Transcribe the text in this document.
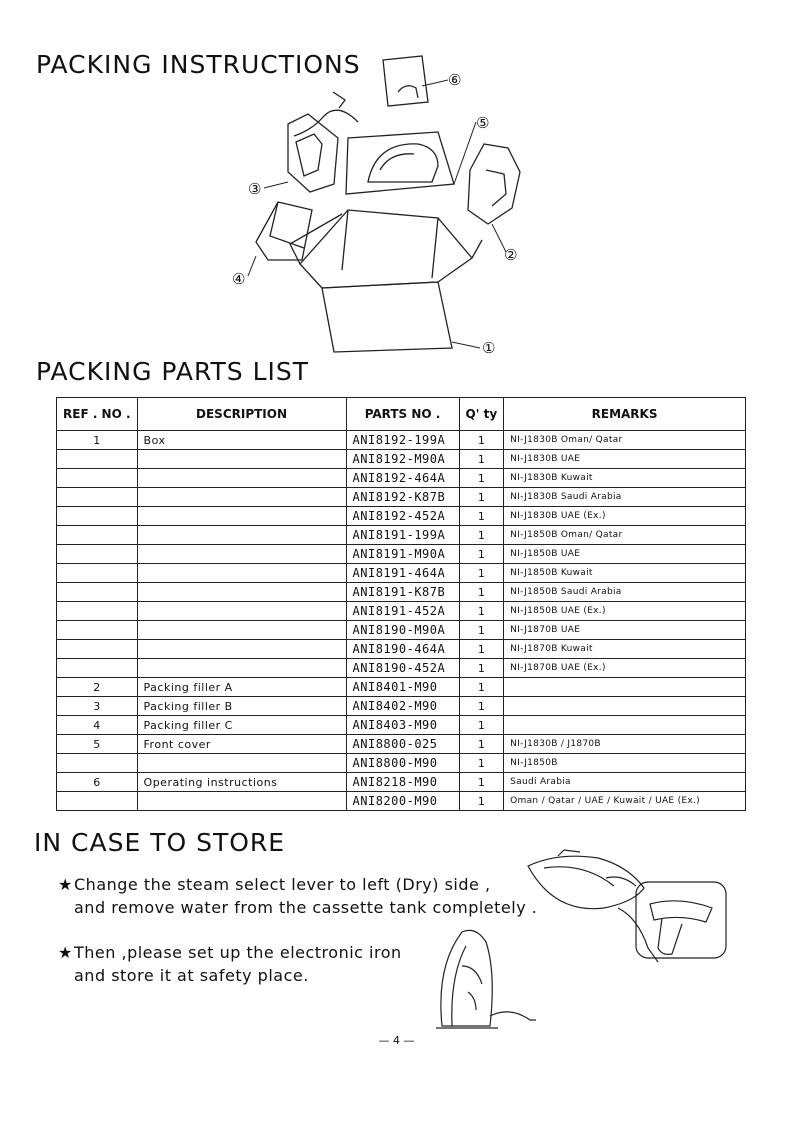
PACKING INSTRUCTIONS
①
②
③
④
⑤
⑥
PACKING PARTS LIST
REF . NO .	DESCRIPTION	PARTS NO .	Q' ty	REMARKS
1	Box	ANI8192-199A	1	NI-J1830B Oman/ Qatar
		ANI8192-M90A	1	NI-J1830B UAE
		ANI8192-464A	1	NI-J1830B Kuwait
		ANI8192-K87B	1	NI-J1830B Saudi Arabia
		ANI8192-452A	1	NI-J1830B UAE (Ex.)
		ANI8191-199A	1	NI-J1850B Oman/ Qatar
		ANI8191-M90A	1	NI-J1850B UAE
		ANI8191-464A	1	NI-J1850B Kuwait
		ANI8191-K87B	1	NI-J1850B Saudi Arabia
		ANI8191-452A	1	NI-J1850B UAE (Ex.)
		ANI8190-M90A	1	NI-J1870B UAE
		ANI8190-464A	1	NI-J1870B Kuwait
		ANI8190-452A	1	NI-J1870B UAE (Ex.)
2	Packing filler A	ANI8401-M90	1	
3	Packing filler B	ANI8402-M90	1	
4	Packing filler C	ANI8403-M90	1	
5	Front cover	ANI8800-025	1	NI-J1830B / J1870B
		ANI8800-M90	1	NI-J1850B
6	Operating instructions	ANI8218-M90	1	Saudi Arabia
		ANI8200-M90	1	Oman / Qatar / UAE / Kuwait / UAE (Ex.)

IN CASE TO STORE

★Change the steam select lever to left (Dry) side ,
and remove water from the cassette tank completely .
★Then ,please set up the electronic iron
and store it at safety place.
— 4 —
